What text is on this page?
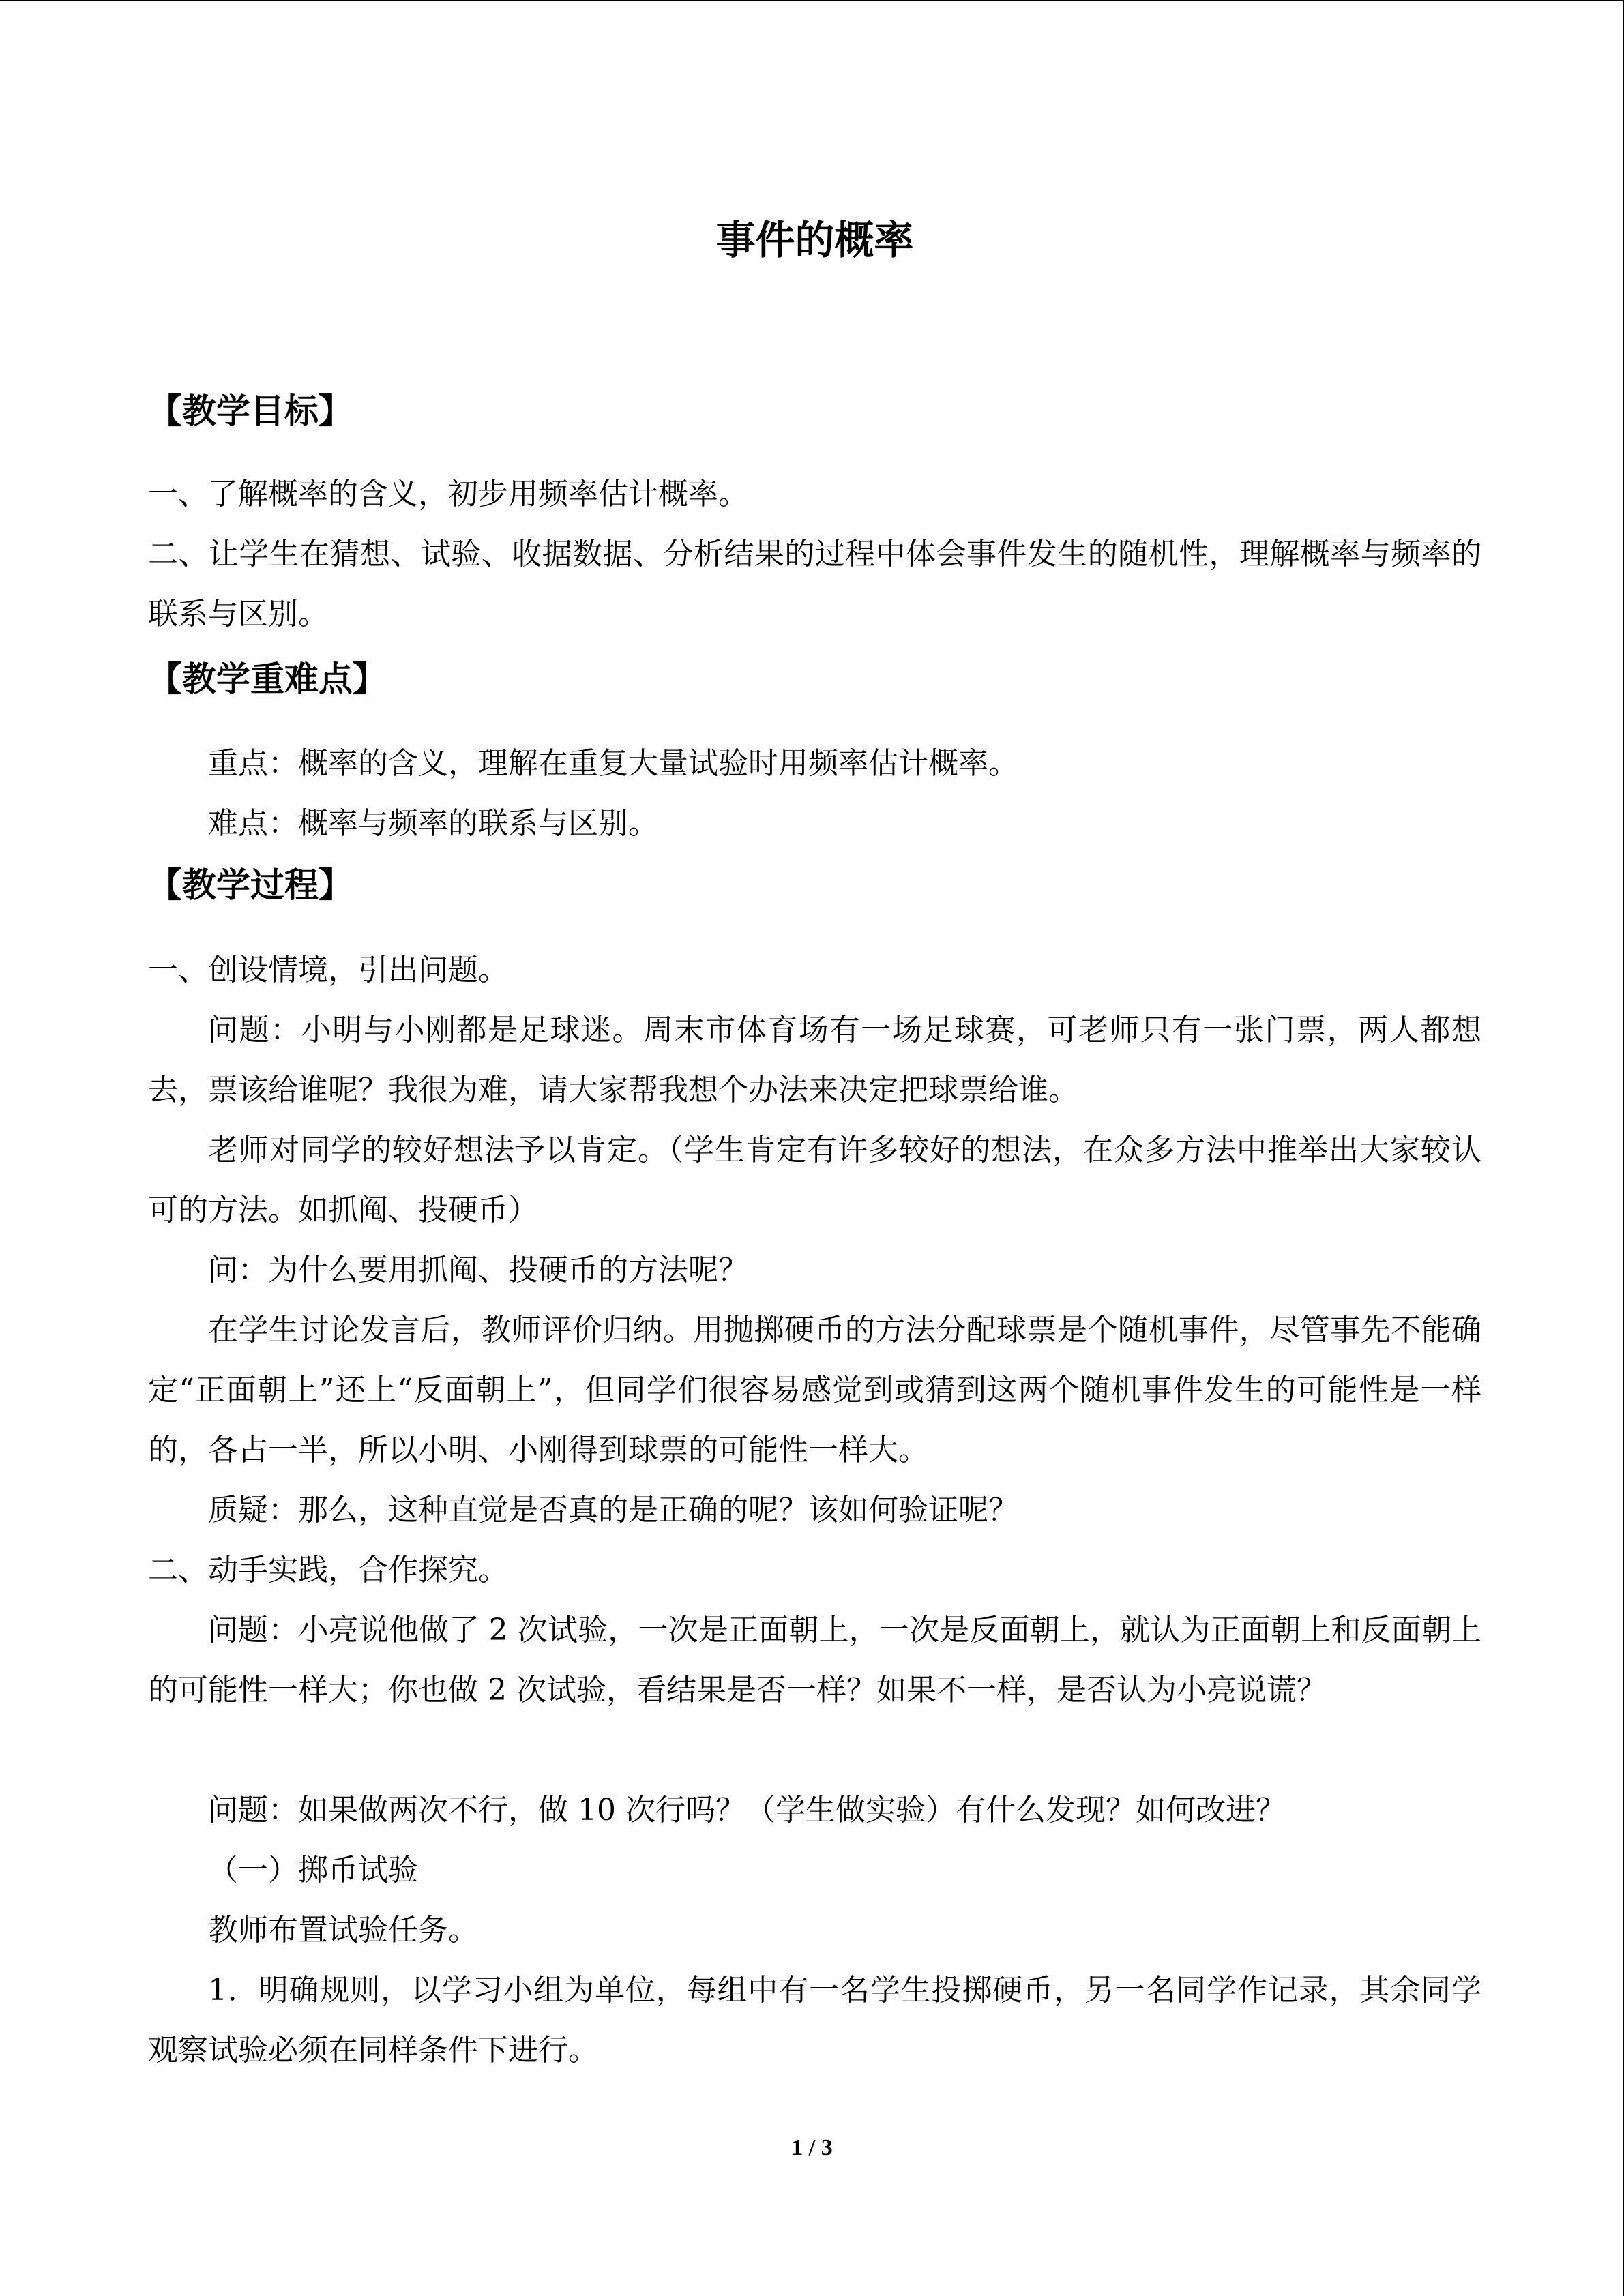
事件的概率
【教学目标】

一、了解概率的含义，初步用频率估计概率。

二、让学生在猜想、试验、收据数据、分析结果的过程中体会事件发生的随机性，理解概率与频率的联系与区别。

【教学重难点】

重点：概率的含义，理解在重复大量试验时用频率估计概率。

难点：概率与频率的联系与区别。

【教学过程】

一、创设情境，引出问题。

问题：小明与小刚都是足球迷。周末市体育场有一场足球赛，可老师只有一张门票，两人都想去，票该给谁呢？我很为难，请大家帮我想个办法来决定把球票给谁。

老师对同学的较好想法予以肯定。（学生肯定有许多较好的想法，在众多方法中推举出大家较认可的方法。如抓阄、投硬币）

问：为什么要用抓阄、投硬币的方法呢？

在学生讨论发言后，教师评价归纳。用抛掷硬币的方法分配球票是个随机事件，尽管事先不能确定“正面朝上”还上“反面朝上”，但同学们很容易感觉到或猜到这两个随机事件发生的可能性是一样的，各占一半，所以小明、小刚得到球票的可能性一样大。

质疑：那么，这种直觉是否真的是正确的呢？该如何验证呢？

二、动手实践，合作探究。

问题：小亮说他做了 2 次试验，一次是正面朝上，一次是反面朝上，就认为正面朝上和反面朝上的可能性一样大；你也做 2 次试验，看结果是否一样？如果不一样，是否认为小亮说谎？

问题：如果做两次不行，做 10 次行吗？（学生做实验）有什么发现？如何改进？

（一）掷币试验

教师布置试验任务。

1．明确规则，以学习小组为单位，每组中有一名学生投掷硬币，另一名同学作记录，其余同学观察试验必须在同样条件下进行。

1 / 3
